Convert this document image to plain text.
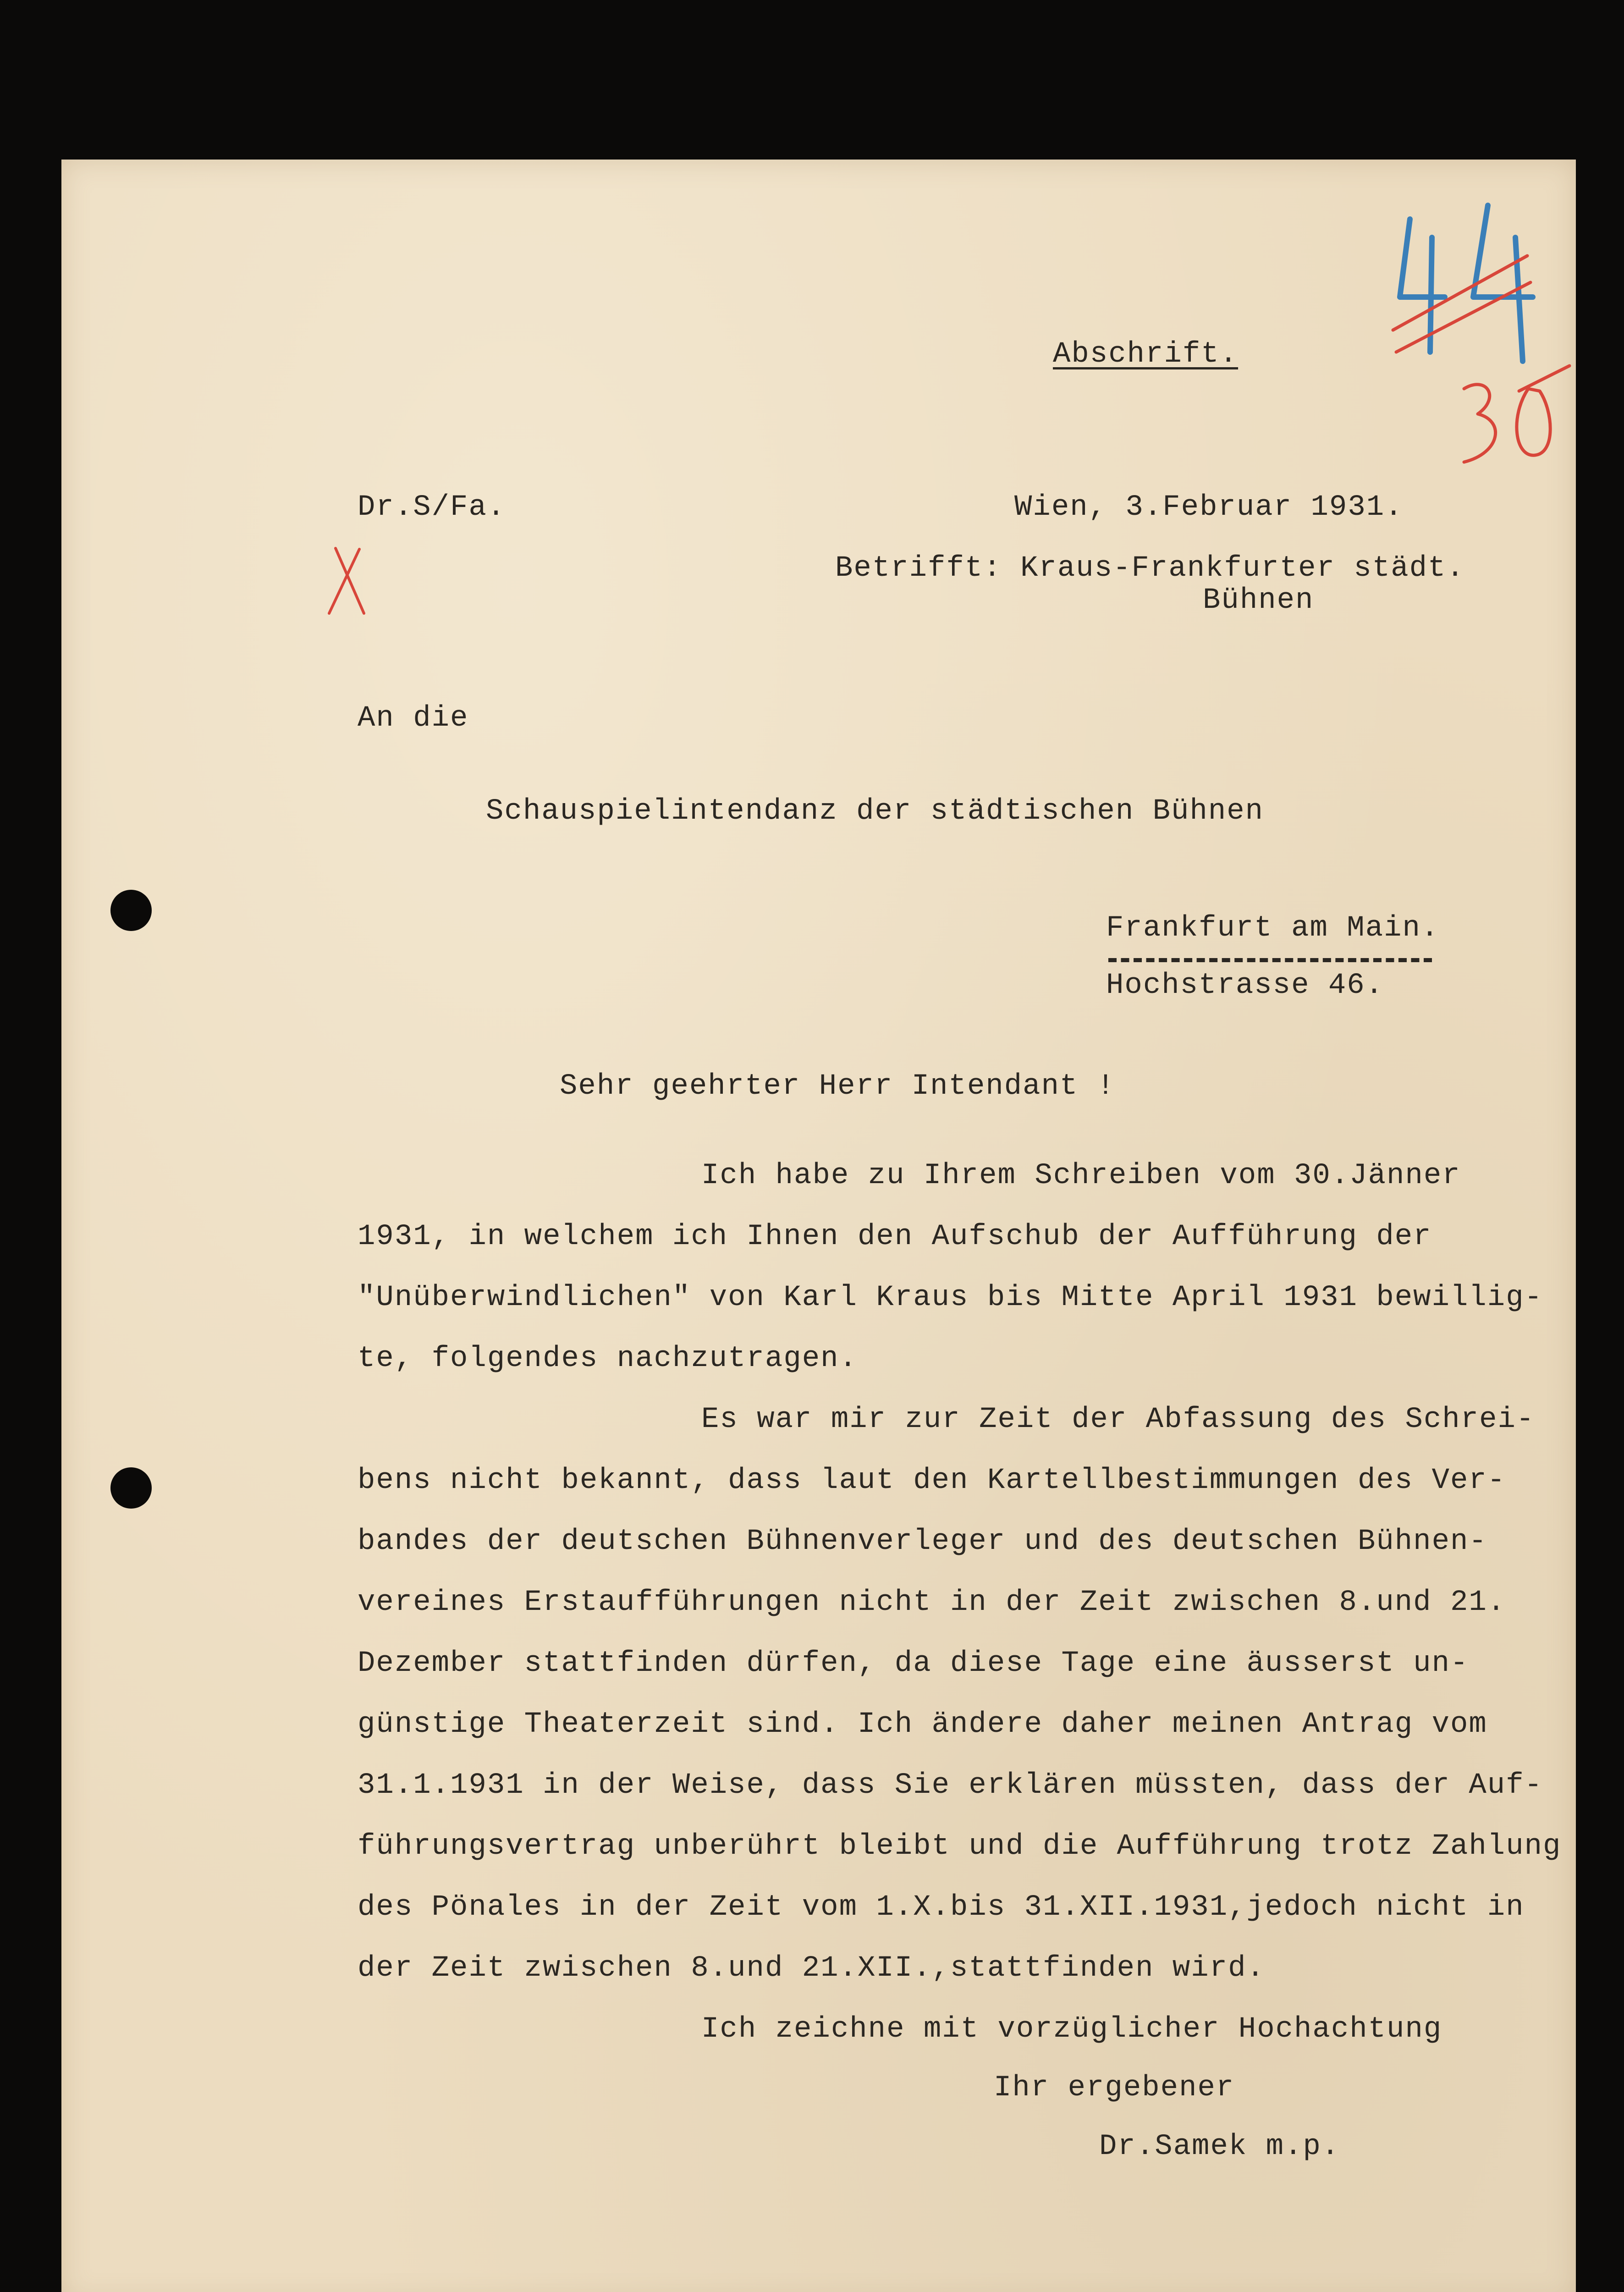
Abschrift.

Dr.S/Fa.	Wien, 3.Februar 1931.

Betrifft: Kraus-Frankfurter städt.

Bühnen

An die

Schauspielintendanz der städtischen Bühnen

Frankfurt am Main.

Hochstrasse 46.

Sehr geehrter Herr Intendant !

Ich habe zu Ihrem Schreiben vom 30.Jänner

1931, in welchem ich Ihnen den Aufschub der Aufführung der

"Unüberwindlichen" von Karl Kraus bis Mitte April 1931 bewillig-

te, folgendes nachzutragen.

Es war mir zur Zeit der Abfassung des Schrei-

bens nicht bekannt, dass laut den Kartellbestimmungen des Ver-

bandes der deutschen Bühnenverleger und des deutschen Bühnen-

vereines Erstaufführungen nicht in der Zeit zwischen 8.und 21.

Dezember stattfinden dürfen, da diese Tage eine äusserst un-

günstige Theaterzeit sind. Ich ändere daher meinen Antrag vom

31.1.1931 in der Weise, dass Sie erklären müssten, dass der Auf-

führungsvertrag unberührt bleibt und die Aufführung trotz Zahlung

des Pönales in der Zeit vom 1.X.bis 31.XII.1931,jedoch nicht in

der Zeit zwischen 8.und 21.XII.,stattfinden wird.

Ich zeichne mit vorzüglicher Hochachtung

Ihr ergebener

Dr.Samek m.p.
